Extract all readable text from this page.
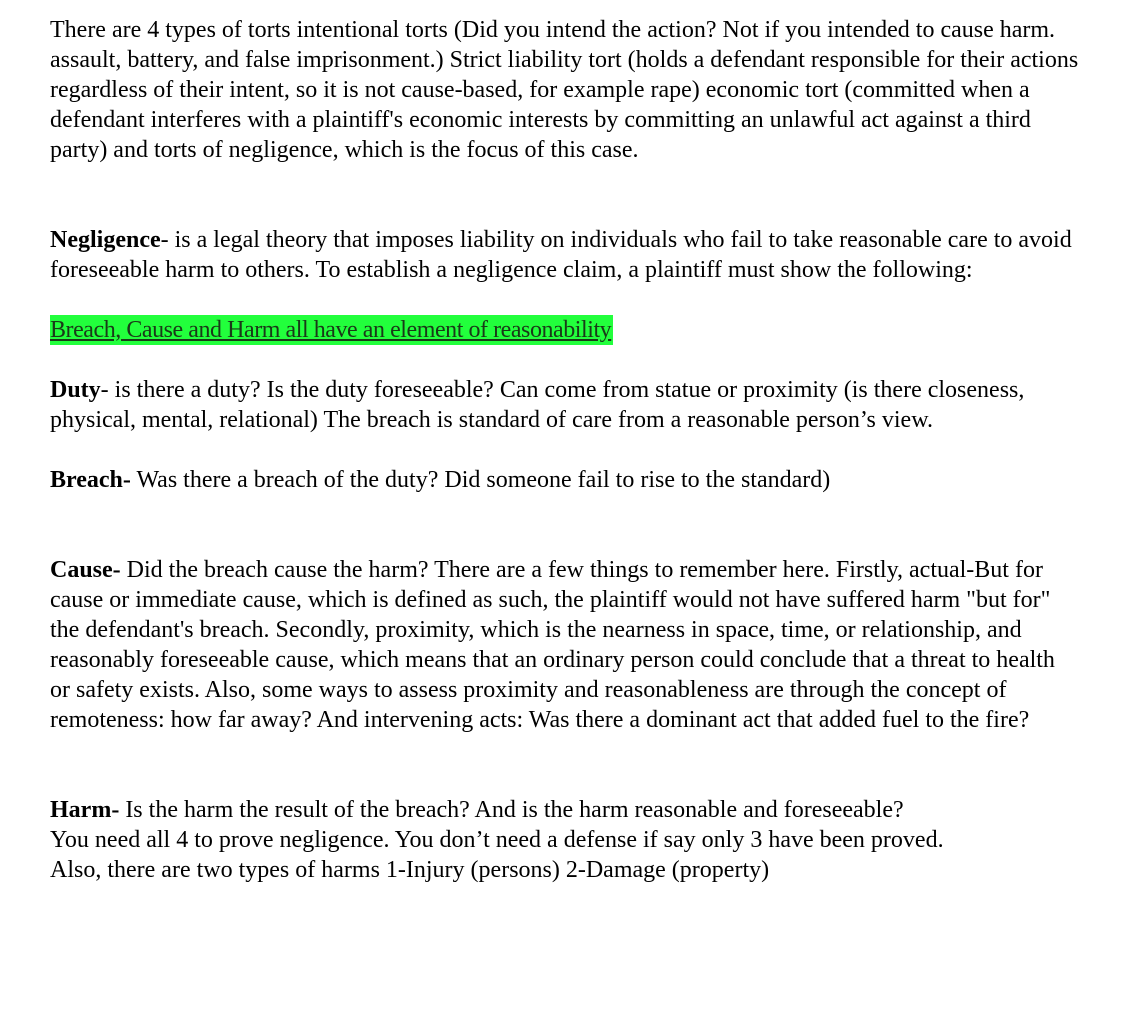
There are 4 types of torts intentional torts (Did you intend the action? Not if you intended to cause harm. assault, battery, and false imprisonment.) Strict liability tort (holds a defendant responsible for their actions regardless of their intent, so it is not cause-based, for example rape) economic tort (committed when a defendant interferes with a plaintiff's economic interests by committing an unlawful act against a third party) and torts of negligence, which is the focus of this case.

Negligence- is a legal theory that imposes liability on individuals who fail to take reasonable care to avoid foreseeable harm to others. To establish a negligence claim, a plaintiff must show the following:

Breach, Cause and Harm all have an element of reasonability

Duty- is there a duty? Is the duty foreseeable? Can come from statue or proximity (is there closeness, physical, mental, relational) The breach is standard of care from a reasonable person’s view.

Breach- Was there a breach of the duty? Did someone fail to rise to the standard)

Cause- Did the breach cause the harm? There are a few things to remember here. Firstly, actual-But for cause or immediate cause, which is defined as such, the plaintiff would not have suffered harm "but for" the defendant's breach. Secondly, proximity, which is the nearness in space, time, or relationship, and reasonably foreseeable cause, which means that an ordinary person could conclude that a threat to health or safety exists. Also, some ways to assess proximity and reasonableness are through the concept of remoteness: how far away? And intervening acts: Was there a dominant act that added fuel to the fire?

Harm- Is the harm the result of the breach? And is the harm reasonable and foreseeable?
You need all 4 to prove negligence. You don’t need a defense if say only 3 have been proved.
Also, there are two types of harms 1-Injury (persons) 2-Damage (property)
